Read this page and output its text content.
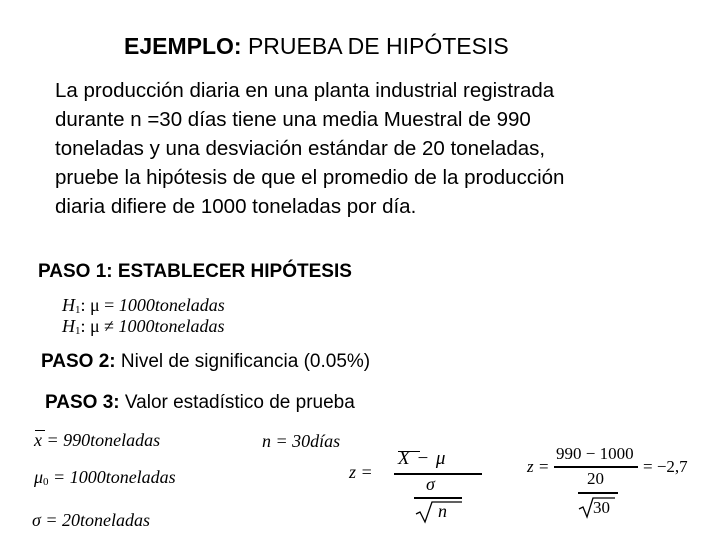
EJEMPLO: PRUEBA DE HIPÓTESIS
La producción diaria en una planta industrial registrada
durante n =30 días tiene una media Muestral de 990
toneladas y una desviación estándar de 20 toneladas,
pruebe la hipótesis de que el promedio de la producción
diaria difiere de 1000 toneladas por día.
PASO 1: ESTABLECER HIPÓTESIS
H1: μ = 1000toneladas
H1: μ ≠ 1000toneladas
PASO 2: Nivel de significancia (0.05%)
PASO 3: Valor estadístico de prueba
x = 990toneladas
μ0 = 1000toneladas
σ = 20toneladas
n = 30días
z =
X − μ
σ
n
z =
990 − 1000
20
30
= −2,7
